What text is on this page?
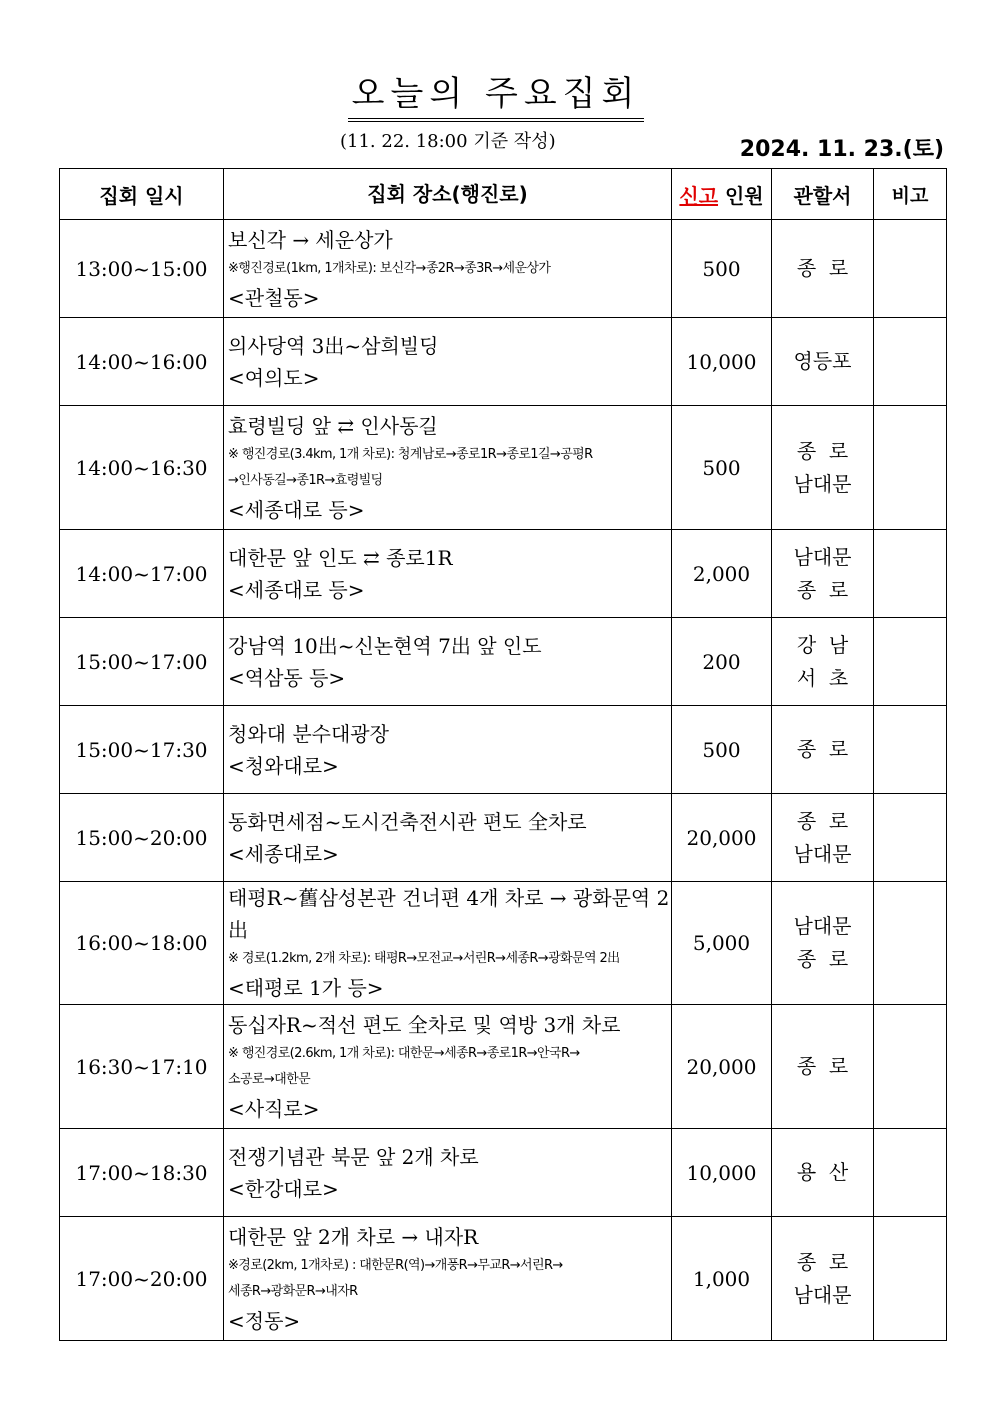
오늘의 주요집회
(11. 22. 18:00 기준 작성)	2024. 11. 23.(토)
집회 일시	집회 장소(행진로)	신고 인원	관할서	비고
13:00~15:00	보신각 → 세운상가
※행진경로(1km, 1개차로): 보신각→종2R→종3R→세운상가
<관철동>	500	종  로	

14:00~16:00	의사당역 3出~삼희빌딩
<여의도>	10,000	영등포	

14:00~16:30	효령빌딩 앞 ⇄ 인사동길
※ 행진경로(3.4km, 1개 차로): 청계남로→종로1R→종로1길→공평R
→인사동길→종1R→효령빌딩
<세종대로 등>	500	종  로
남대문	

14:00~17:00	대한문 앞 인도 ⇄ 종로1R
<세종대로 등>	2,000	남대문
종  로	

15:00~17:00	강남역 10出~신논현역 7出 앞 인도
<역삼동 등>	200	강  남
서  초	

15:00~17:30	청와대 분수대광장
<청와대로>	500	종  로	

15:00~20:00	동화면세점~도시건축전시관 편도 全차로
<세종대로>	20,000	종  로
남대문	

16:00~18:00	태평R~舊삼성본관 건너편 4개 차로 → 광화문역 2出
※ 경로(1.2km, 2개 차로): 태평R→모전교→서린R→세종R→광화문역 2出
<태평로 1가 등>	5,000	남대문
종  로	

16:30~17:10	동십자R~적선 편도 全차로 및 역방 3개 차로
※ 행진경로(2.6km, 1개 차로): 대한문→세종R→종로1R→안국R→
소공로→대한문
<사직로>	20,000	종  로	

17:00~18:30	전쟁기념관 북문 앞 2개 차로
<한강대로>	10,000	용  산	

17:00~20:00	대한문 앞 2개 차로 → 내자R
※경로(2km, 1개차로) : 대한문R(역)→개풍R→무교R→서린R→
세종R→광화문R→내자R
<정동>	1,000	종  로
남대문	
